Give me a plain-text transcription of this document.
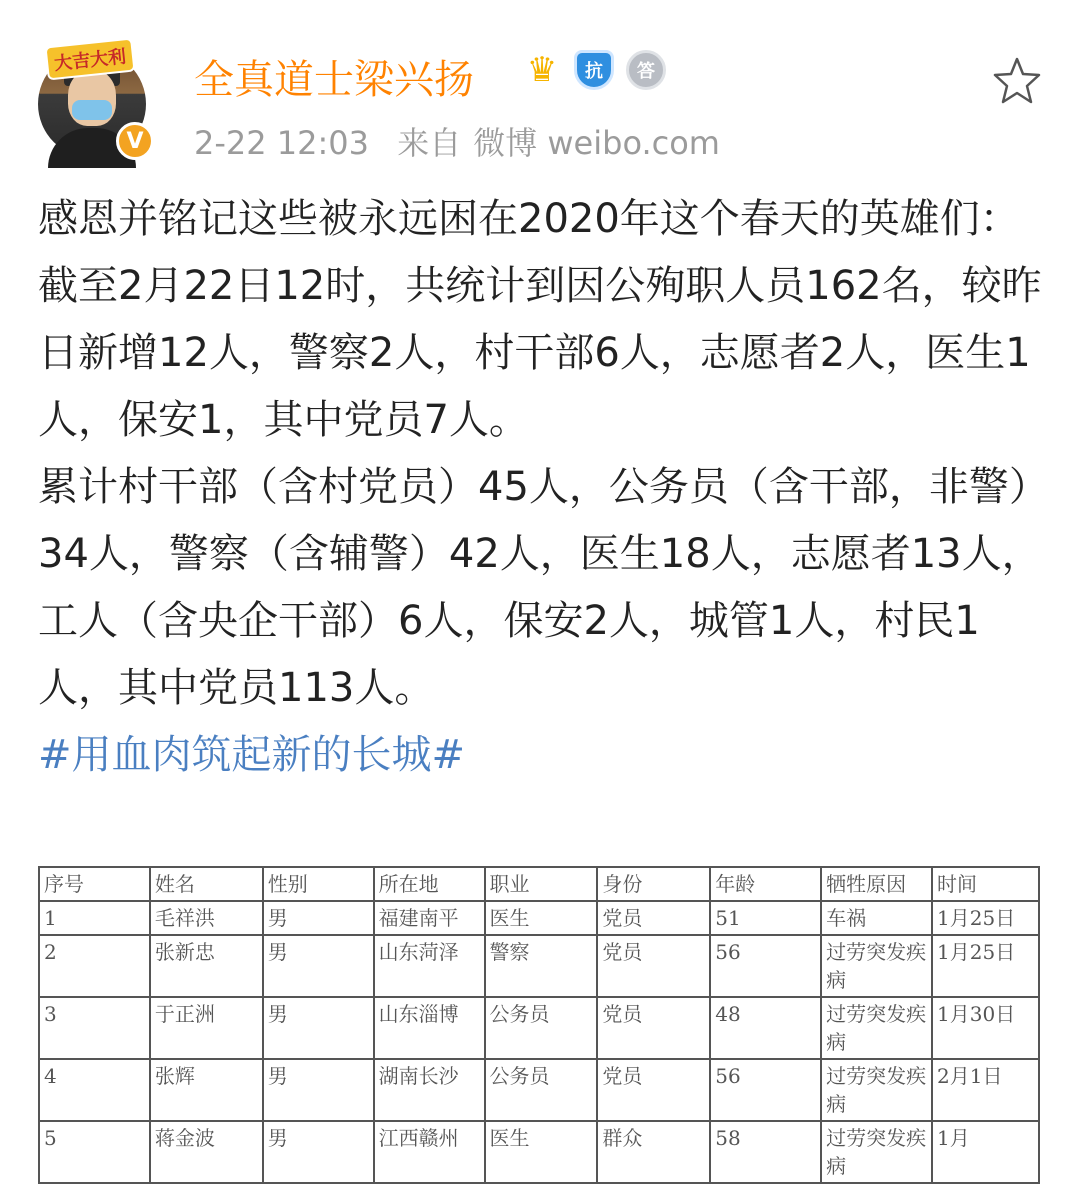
大吉大利
V
全真道士梁兴扬 ♛	抗	答
2-22 12:03 来自 微博 weibo.com

感恩并铭记这些被永远困在2020年这个春天的英雄们：

截至2月22日12时，共统计到因公殉职人员162名，较昨日新增12人，警察2人，村干部6人，志愿者2人，医生1人，保安1，其中党员7人。

累计村干部（含村党员）45人，公务员（含干部，非警）34人，警察（含辅警）42人，医生18人，志愿者13人，工人（含央企干部）6人，保安2人，城管1人，村民1人，其中党员113人。

#用血肉筑起新的长城#

序号	姓名	性别	所在地	职业	身份	年龄	牺牲原因	时间
1	毛祥洪	男	福建南平	医生	党员	51	车祸	1月25日
2	张新忠	男	山东菏泽	警察	党员	56	过劳突发疾病	1月25日
3	于正洲	男	山东淄博	公务员	党员	48	过劳突发疾病	1月30日
4	张辉	男	湖南长沙	公务员	党员	56	过劳突发疾病	2月1日
5	蒋金波	男	江西赣州	医生	群众	58	过劳突发疾病	1月
